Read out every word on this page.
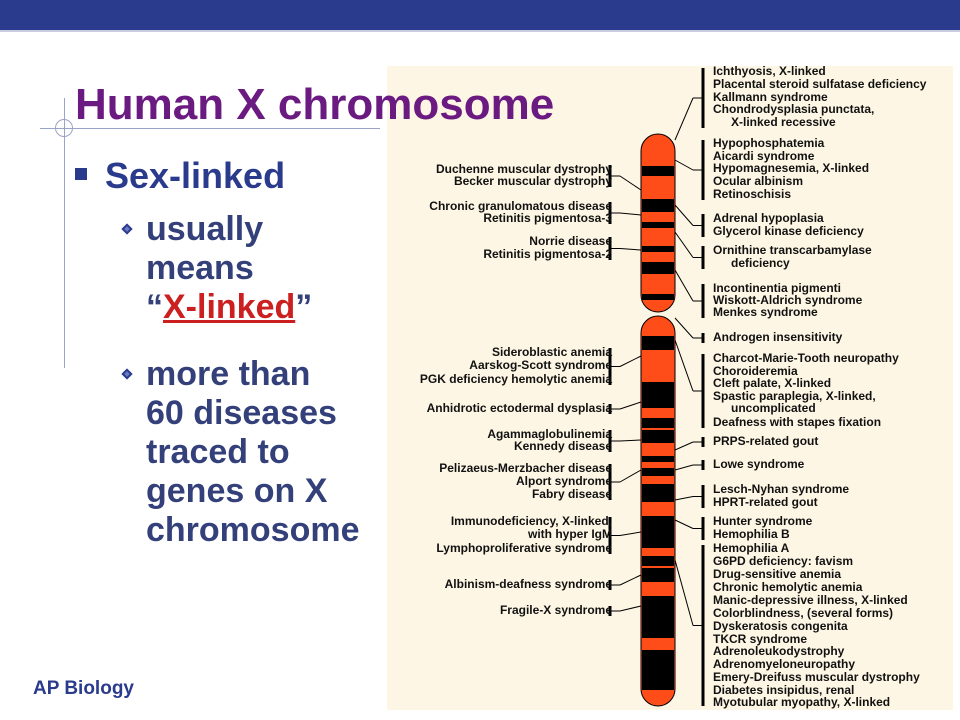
Human X chromosome
Sex-linked
usually
means
“X-linked”
more than
60 diseases
traced to
genes on X
chromosome
AP Biology
Duchenne muscular dystrophy
Becker muscular dystrophy
Chronic granulomatous disease
Retinitis pigmentosa-3
Norrie disease
Retinitis pigmentosa-2
Sideroblastic anemia
Aarskog-Scott syndrome
PGK deficiency hemolytic anemia
Anhidrotic ectodermal dysplasia
Agammaglobulinemia
Kennedy disease
Pelizaeus-Merzbacher disease
Alport syndrome
Fabry disease
Immunodeficiency, X-linked,
with hyper IgM
Lymphoproliferative syndrome
Albinism-deafness syndrome
Fragile-X syndrome
Ichthyosis, X-linked
Placental steroid sulfatase deficiency
Kallmann syndrome
Chondrodysplasia punctata,
X-linked recessive
Hypophosphatemia
Aicardi syndrome
Hypomagnesemia, X-linked
Ocular albinism
Retinoschisis
Adrenal hypoplasia
Glycerol kinase deficiency
Ornithine transcarbamylase
deficiency
Incontinentia pigmenti
Wiskott-Aldrich syndrome
Menkes syndrome
Androgen insensitivity
Charcot-Marie-Tooth neuropathy
Choroideremia
Cleft palate, X-linked
Spastic paraplegia, X-linked,
uncomplicated
Deafness with stapes fixation
PRPS-related gout
Lowe syndrome
Lesch-Nyhan syndrome
HPRT-related gout
Hunter syndrome
Hemophilia B
Hemophilia A
G6PD deficiency: favism
Drug-sensitive anemia
Chronic hemolytic anemia
Manic-depressive illness, X-linked
Colorblindness, (several forms)
Dyskeratosis congenita
TKCR syndrome
Adrenoleukodystrophy
Adrenomyeloneuropathy
Emery-Dreifuss muscular dystrophy
Diabetes insipidus, renal
Myotubular myopathy, X-linked
